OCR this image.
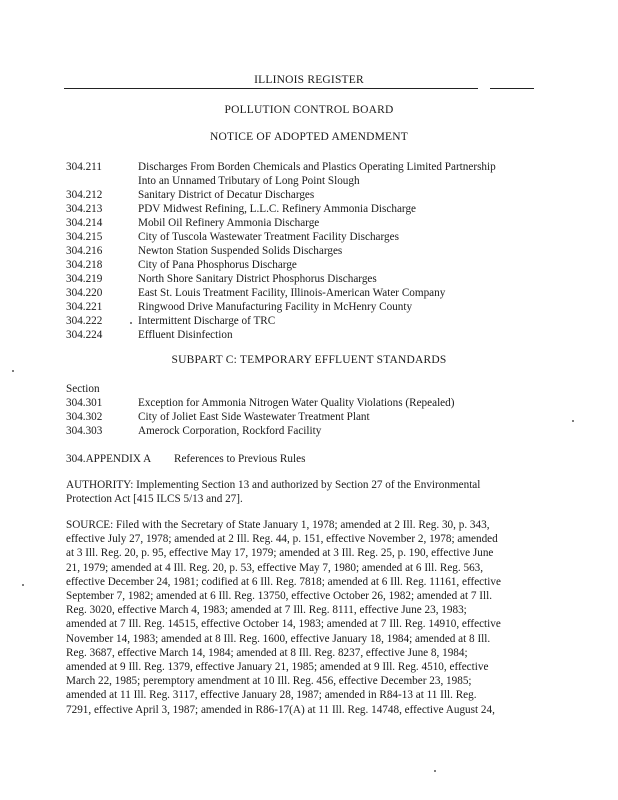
ILLINOIS REGISTER
POLLUTION CONTROL BOARD
NOTICE OF ADOPTED AMENDMENT
304.211	Discharges From Borden Chemicals and Plastics Operating Limited Partnership
Into an Unnamed Tributary of Long Point Slough
304.212	Sanitary District of Decatur Discharges
304.213	PDV Midwest Refining, L.L.C. Refinery Ammonia Discharge
304.214	Mobil Oil Refinery Ammonia Discharge
304.215	City of Tuscola Wastewater Treatment Facility Discharges
304.216	Newton Station Suspended Solids Discharges
304.218	City of Pana Phosphorus Discharge
304.219	North Shore Sanitary District Phosphorus Discharges
304.220	East St. Louis Treatment Facility, Illinois-American Water Company
304.221	Ringwood Drive Manufacturing Facility in McHenry County
304.222	Intermittent Discharge of TRC
304.224	Effluent Disinfection
SUBPART C: TEMPORARY EFFLUENT STANDARDS
Section
304.301	Exception for Ammonia Nitrogen Water Quality Violations (Repealed)
304.302	City of Joliet East Side Wastewater Treatment Plant
304.303	Amerock Corporation, Rockford Facility
304.APPENDIX A References to Previous Rules
AUTHORITY: Implementing Section 13 and authorized by Section 27 of the Environmental
Protection Act [415 ILCS 5/13 and 27].
SOURCE: Filed with the Secretary of State January 1, 1978; amended at 2 Ill. Reg. 30, p. 343,
effective July 27, 1978; amended at 2 Ill. Reg. 44, p. 151, effective November 2, 1978; amended
at 3 Ill. Reg. 20, p. 95, effective May 17, 1979; amended at 3 Ill. Reg. 25, p. 190, effective June
21, 1979; amended at 4 Ill. Reg. 20, p. 53, effective May 7, 1980; amended at 6 Ill. Reg. 563,
effective December 24, 1981; codified at 6 Ill. Reg. 7818; amended at 6 Ill. Reg. 11161, effective
September 7, 1982; amended at 6 Ill. Reg. 13750, effective October 26, 1982; amended at 7 Ill.
Reg. 3020, effective March 4, 1983; amended at 7 Ill. Reg. 8111, effective June 23, 1983;
amended at 7 Ill. Reg. 14515, effective October 14, 1983; amended at 7 Ill. Reg. 14910, effective
November 14, 1983; amended at 8 Ill. Reg. 1600, effective January 18, 1984; amended at 8 Ill.
Reg. 3687, effective March 14, 1984; amended at 8 Ill. Reg. 8237, effective June 8, 1984;
amended at 9 Ill. Reg. 1379, effective January 21, 1985; amended at 9 Ill. Reg. 4510, effective
March 22, 1985; peremptory amendment at 10 Ill. Reg. 456, effective December 23, 1985;
amended at 11 Ill. Reg. 3117, effective January 28, 1987; amended in R84-13 at 11 Ill. Reg.
7291, effective April 3, 1987; amended in R86-17(A) at 11 Ill. Reg. 14748, effective August 24,
